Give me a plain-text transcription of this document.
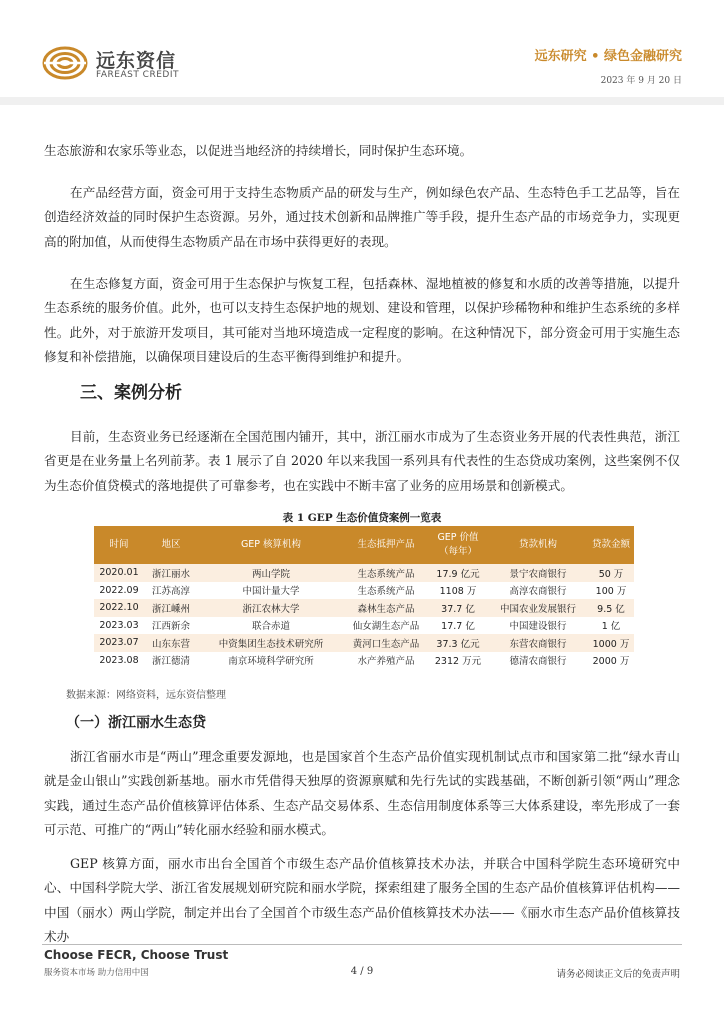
远东资信
FAREAST CREDIT
远东研究 • 绿色金融研究
2023 年 9 月 20 日
生态旅游和农家乐等业态，以促进当地经济的持续增长，同时保护生态环境。
在产品经营方面，资金可用于支持生态物质产品的研发与生产，例如绿色农产品、生态特色手工艺品等，旨在创造经济效益的同时保护生态资源。另外，通过技术创新和品牌推广等手段，提升生态产品的市场竞争力，实现更高的附加值，从而使得生态物质产品在市场中获得更好的表现。
在生态修复方面，资金可用于生态保护与恢复工程，包括森林、湿地植被的修复和水质的改善等措施，以提升生态系统的服务价值。此外，也可以支持生态保护地的规划、建设和管理，以保护珍稀物种和维护生态系统的多样性。此外，对于旅游开发项目，其可能对当地环境造成一定程度的影响。在这种情况下，部分资金可用于实施生态修复和补偿措施，以确保项目建设后的生态平衡得到维护和提升。
三、案例分析
目前，生态资业务已经逐渐在全国范围内铺开，其中，浙江丽水市成为了生态资业务开展的代表性典范，浙江省更是在业务量上名列前茅。表 1 展示了自 2020 年以来我国一系列具有代表性的生态贷成功案例，这些案例不仅为生态价值贷模式的落地提供了可靠参考，也在实践中不断丰富了业务的应用场景和创新模式。
表 1 GEP 生态价值贷案例一览表
时间	地区	GEP 核算机构	生态抵押产品	GEP 价值（每年）	贷款机构	贷款金额
2020.01	浙江丽水	两山学院	生态系统产品	17.9 亿元	景宁农商银行	50 万
2022.09	江苏高淳	中国计量大学	生态系统产品	1108 万	高淳农商银行	100 万
2022.10	浙江嵊州	浙江农林大学	森林生态产品	37.7 亿	中国农业发展银行	9.5 亿
2023.03	江西新余	联合赤道	仙女湖生态产品	17.7 亿	中国建设银行	1 亿
2023.07	山东东营	中资集团生态技术研究所	黄河口生态产品	37.3 亿元	东营农商银行	1000 万
2023.08	浙江德清	南京环境科学研究所	水产养殖产品	2312 万元	德清农商银行	2000 万
数据来源：网络资料，远东资信整理
（一）浙江丽水生态贷
浙江省丽水市是“两山”理念重要发源地，也是国家首个生态产品价值实现机制试点市和国家第二批“绿水青山就是金山银山”实践创新基地。丽水市凭借得天独厚的资源禀赋和先行先试的实践基础，不断创新引领“两山”理念实践，通过生态产品价值核算评估体系、生态产品交易体系、生态信用制度体系等三大体系建设，率先形成了一套可示范、可推广的“两山”转化丽水经验和丽水模式。
GEP 核算方面，丽水市出台全国首个市级生态产品价值核算技术办法，并联合中国科学院生态环境研究中心、中国科学院大学、浙江省发展规划研究院和丽水学院，探索组建了服务全国的生态产品价值核算评估机构——中国（丽水）两山学院，制定并出台了全国首个市级生态产品价值核算技术办法——《丽水市生态产品价值核算技术办
Choose FECR, Choose Trust
服务资本市场 助力信用中国	4 / 9	请务必阅读正文后的免责声明
